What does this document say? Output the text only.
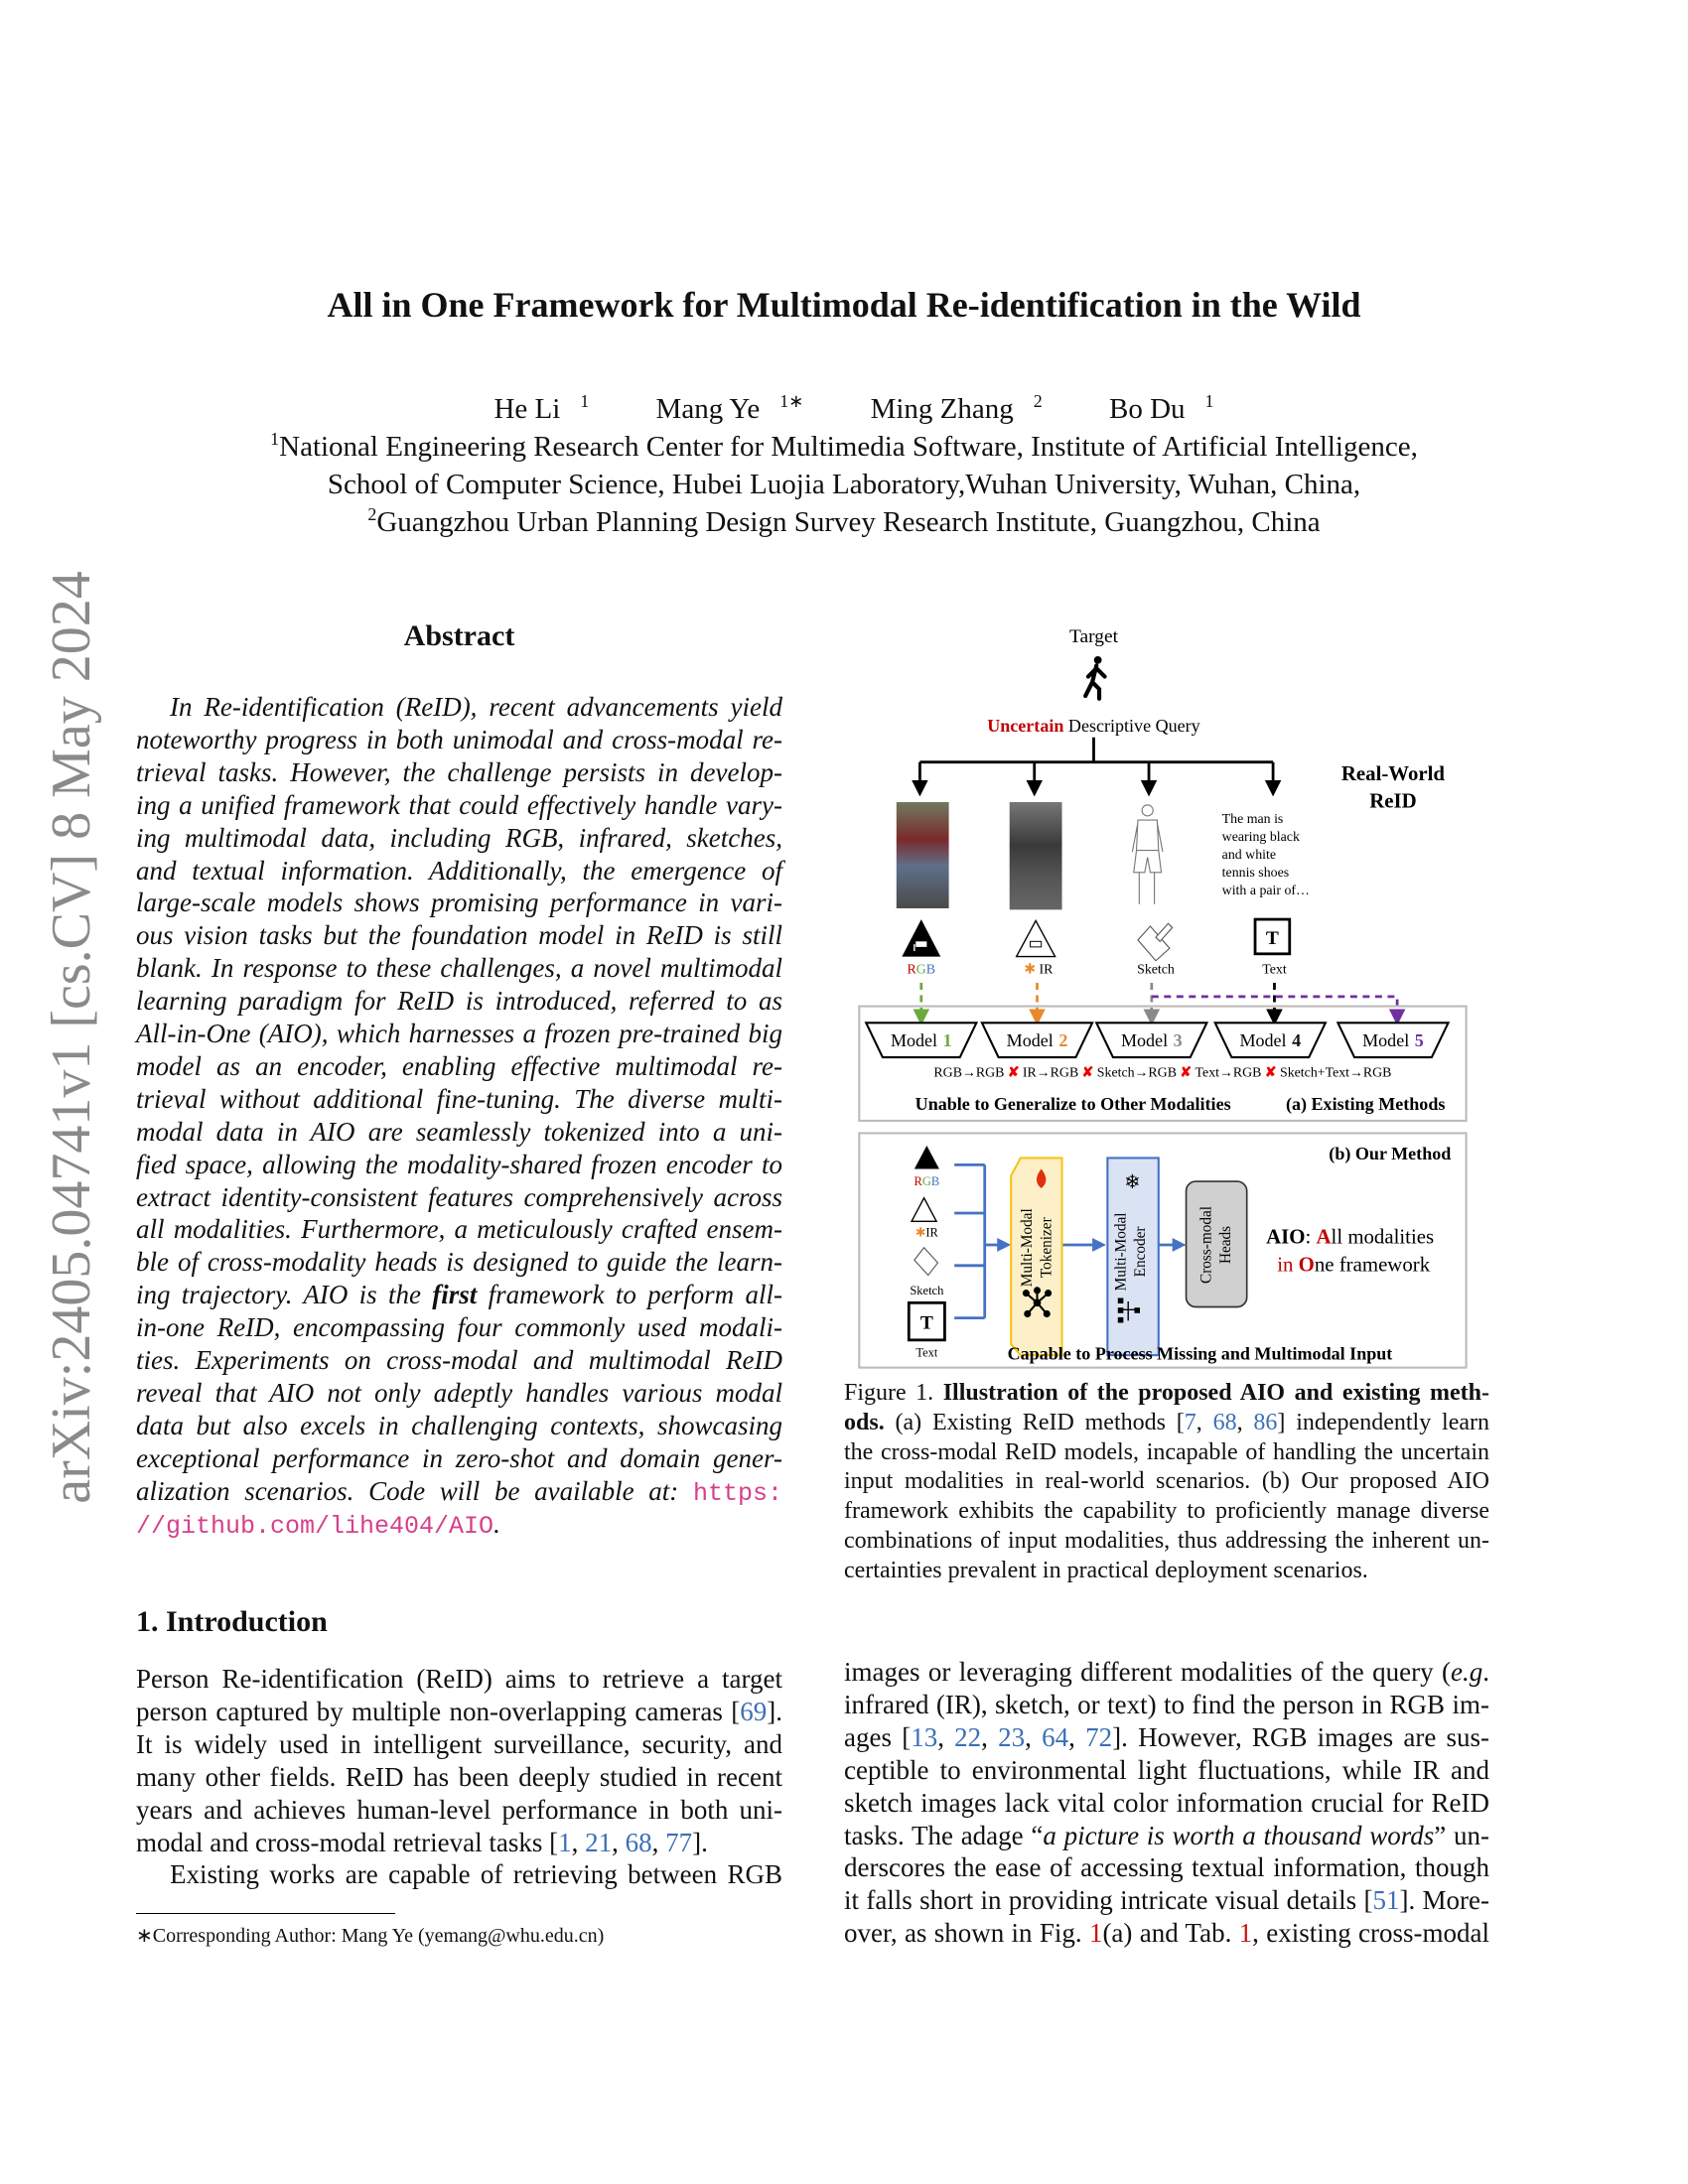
All in One Framework for Multimodal Re-identification in the Wild
He Li $^1$ Mang Ye $^{1∗}$ Ming Zhang $^2$ Bo Du $^1$
$^1$National Engineering Research Center for Multimedia Software, Institute of Artificial Intelligence,
School of Computer Science, Hubei Luojia Laboratory,Wuhan University, Wuhan, China,
$^2$Guangzhou Urban Planning Design Survey Research Institute, Guangzhou, China
arXiv:2405.04741v1 [cs.CV] 8 May 2024	Abstract
In Re-identification (ReID), recent advancements yield
noteworthy progress in both unimodal and cross-modal re-
trieval tasks. However, the challenge persists in develop-
ing a unified framework that could effectively handle vary-
ing multimodal data, including RGB, infrared, sketches,
and textual information. Additionally, the emergence of
large-scale models shows promising performance in vari-
ous vision tasks but the foundation model in ReID is still
blank. In response to these challenges, a novel multimodal
learning paradigm for ReID is introduced, referred to as
All-in-One (AIO), which harnesses a frozen pre-trained big
model as an encoder, enabling effective multimodal re-
trieval without additional fine-tuning. The diverse multi-
modal data in AIO are seamlessly tokenized into a uni-
fied space, allowing the modality-shared frozen encoder to
extract identity-consistent features comprehensively across
all modalities. Furthermore, a meticulously crafted ensem-
ble of cross-modality heads is designed to guide the learn-
ing trajectory. AIO is the first framework to perform all-
in-one ReID, encompassing four commonly used modali-
ties. Experiments on cross-modal and multimodal ReID
reveal that AIO not only adeptly handles various modal
data but also excels in challenging contexts, showcasing
exceptional performance in zero-shot and domain gener-
alization scenarios. Code will be available at: https:
//github.com/lihe404/AIO.
1. Introduction
Person Re-identification (ReID) aims to retrieve a target
person captured by multiple non-overlapping cameras [69].
It is widely used in intelligent surveillance, security, and
many other fields. ReID has been deeply studied in recent
years and achieves human-level performance in both uni-
modal and cross-modal retrieval tasks [1, 21, 68, 77].
Existing works are capable of retrieving between RGB
images or leveraging different modalities of the query (e.g.
infrared (IR), sketch, or text) to find the person in RGB im-
ages [13, 22, 23, 64, 72]. However, RGB images are sus-
ceptible to environmental light fluctuations, while IR and
sketch images lack vital color information crucial for ReID
tasks. The adage “a picture is worth a thousand words” un-
derscores the ease of accessing textual information, though
it falls short in providing intricate visual details [51]. More-
over, as shown in Fig. 1(a) and Tab. 1, existing cross-modal
∗Corresponding Author: Mang Ye (yemang@whu.edu.cn)
Figure 1. Illustration of the proposed AIO and existing meth-
ods. (a) Existing ReID methods [7, 68, 86] independently learn
the cross-modal ReID models, incapable of handling the uncertain
input modalities in real-world scenarios. (b) Our proposed AIO
framework exhibits the capability to proficiently manage diverse
combinations of input modalities, thus addressing the inherent un-
certainties prevalent in practical deployment scenarios.
Target
Uncertain Descriptive Query
Real-World
ReID
The man is
wearing black
and white
tennis shoes
with a pair of…
RGB	✱ IR	Sketch
T
Text
Model 1	Model 2	Model 3	Model 4	Model 5
RGB→RGB ✘ IR→RGB ✘ Sketch→RGB ✘ Text→RGB ✘ Sketch+Text→RGB
Unable to Generalize to Other Modalities	(a) Existing Methods
(b) Our Method
RGB
✱IR
Sketch
T
Text
Multi-Modal Tokenizer
❄
Multi-Modal Encoder	Cross-modal Heads AIO: All modalities
in One framework
Capable to Process Missing and Multimodal Input
